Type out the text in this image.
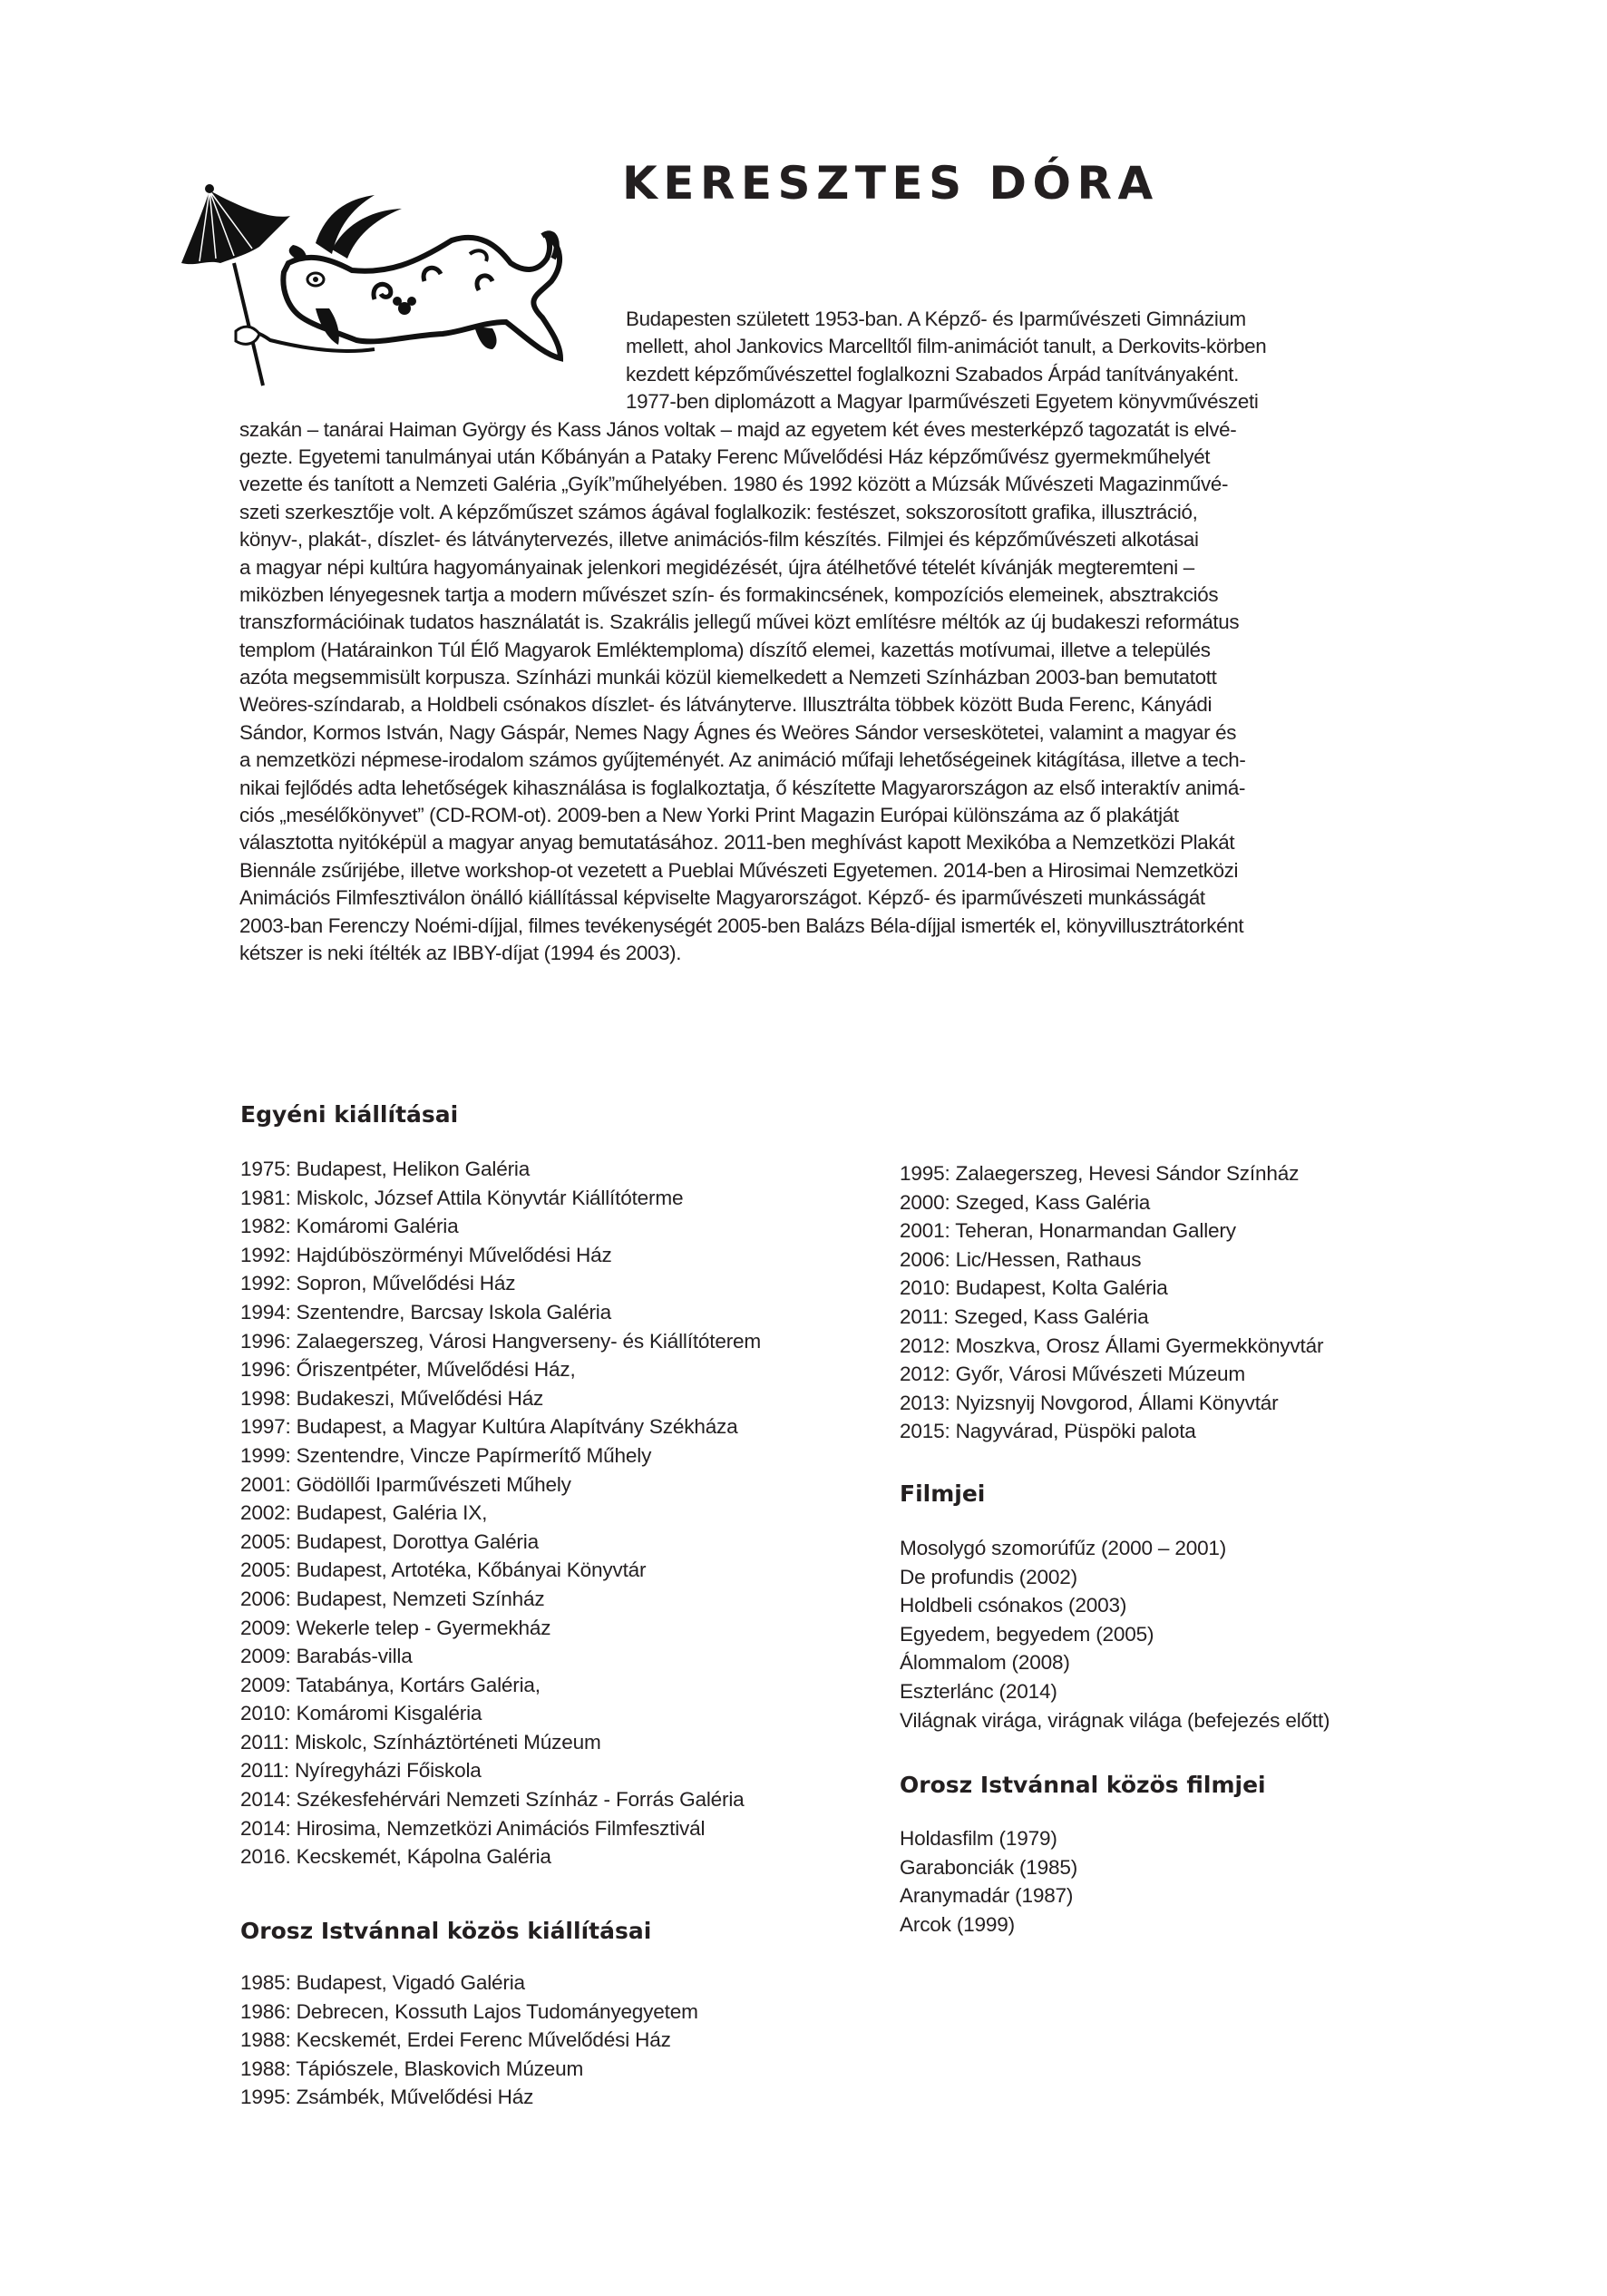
KERESZTES DÓRA
Budapesten született 1953-ban. A Képző- és Iparművészeti Gimnázium
mellett, ahol Jankovics Marcelltől film-animációt tanult, a Derkovits-körben
kezdett képzőművészettel foglalkozni Szabados Árpád tanítványaként.
1977-ben diplomázott a Magyar Iparművészeti Egyetem könyvművészeti
szakán – tanárai Haiman György és Kass János voltak – majd az egyetem két éves mesterképző tagozatát is elvé-
gezte. Egyetemi tanulmányai után Kőbányán a Pataky Ferenc Művelődési Ház képzőművész gyermekműhelyét
vezette és tanított a Nemzeti Galéria „Gyík”műhelyében. 1980 és 1992 között a Múzsák Művészeti Magazinművé-
szeti szerkesztője volt. A képzőműszet számos ágával foglalkozik: festészet, sokszorosított grafika, illusztráció,
könyv-, plakát-, díszlet- és látványtervezés, illetve animációs-film készítés. Filmjei és képzőművészeti alkotásai
a magyar népi kultúra hagyományainak jelenkori megidézését, újra átélhetővé tételét kívánják megteremteni –
miközben lényegesnek tartja a modern művészet szín- és formakincsének, kompozíciós elemeinek, absztrakciós
transzformációinak tudatos használatát is. Szakrális jellegű művei közt említésre méltók az új budakeszi református
templom (Határainkon Túl Élő Magyarok Emléktemploma) díszítő elemei, kazettás motívumai, illetve a település
azóta megsemmisült korpusza. Színházi munkái közül kiemelkedett a Nemzeti Színházban 2003-ban bemutatott
Weöres-színdarab, a Holdbeli csónakos díszlet- és látványterve. Illusztrálta többek között Buda Ferenc, Kányádi
Sándor, Kormos István, Nagy Gáspár, Nemes Nagy Ágnes és Weöres Sándor verseskötetei, valamint a magyar és
a nemzetközi népmese-irodalom számos gyűjteményét. Az animáció műfaji lehetőségeinek kitágítása, illetve a tech-
nikai fejlődés adta lehetőségek kihasználása is foglalkoztatja, ő készítette Magyarországon az első interaktív animá-
ciós „mesélőkönyvet” (CD-ROM-ot). 2009-ben a New Yorki Print Magazin Európai különszáma az ő plakátját
választotta nyitóképül a magyar anyag bemutatásához. 2011-ben meghívást kapott Mexikóba a Nemzetközi Plakát
Biennále zsűrijébe, illetve workshop-ot vezetett a Pueblai Művészeti Egyetemen. 2014-ben a Hirosimai Nemzetközi
Animációs Filmfesztiválon önálló kiállítással képviselte Magyarországot. Képző- és iparművészeti munkásságát
2003-ban Ferenczy Noémi-díjjal, filmes tevékenységét 2005-ben Balázs Béla-díjjal ismerték el, könyvillusztrátorként
kétszer is neki ítélték az IBBY-díjat (1994 és 2003).
Egyéni kiállításai
1975: Budapest, Helikon Galéria
1981: Miskolc, József Attila Könyvtár Kiállítóterme
1982: Komáromi Galéria
1992: Hajdúböszörményi Művelődési Ház
1992: Sopron, Művelődési Ház
1994: Szentendre, Barcsay Iskola Galéria
1996: Zalaegerszeg, Városi Hangverseny- és Kiállítóterem
1996: Őriszentpéter, Művelődési Ház,
1998: Budakeszi, Művelődési Ház
1997: Budapest, a Magyar Kultúra Alapítvány Székháza
1999: Szentendre, Vincze Papírmerítő Műhely
2001: Gödöllői Iparművészeti Műhely
2002: Budapest, Galéria IX,
2005: Budapest, Dorottya Galéria
2005: Budapest, Artotéka, Kőbányai Könyvtár
2006: Budapest, Nemzeti Színház
2009: Wekerle telep - Gyermekház
2009: Barabás-villa
2009: Tatabánya, Kortárs Galéria,
2010: Komáromi Kisgaléria
2011: Miskolc, Színháztörténeti Múzeum
2011: Nyíregyházi Főiskola
2014: Székesfehérvári Nemzeti Színház - Forrás Galéria
2014: Hirosima, Nemzetközi Animációs Filmfesztivál
2016. Kecskemét, Kápolna Galéria
Orosz Istvánnal közös kiállításai
1985: Budapest, Vigadó Galéria
1986: Debrecen, Kossuth Lajos Tudományegyetem
1988: Kecskemét, Erdei Ferenc Művelődési Ház
1988: Tápiószele, Blaskovich Múzeum
1995: Zsámbék, Művelődési Ház
1995: Zalaegerszeg, Hevesi Sándor Színház
2000: Szeged, Kass Galéria
2001: Teheran, Honarmandan Gallery
2006: Lic/Hessen, Rathaus
2010: Budapest, Kolta Galéria
2011: Szeged, Kass Galéria
2012: Moszkva, Orosz Állami Gyermekkönyvtár
2012: Győr, Városi Művészeti Múzeum
2013: Nyizsnyij Novgorod, Állami Könyvtár
2015: Nagyvárad, Püspöki palota
Filmjei
Mosolygó szomorúfűz (2000 – 2001)
De profundis (2002)
Holdbeli csónakos (2003)
Egyedem, begyedem (2005)
Álommalom (2008)
Eszterlánc (2014)
Világnak virága, virágnak világa (befejezés előtt)
Orosz Istvánnal közös filmjei
Holdasfilm (1979)
Garabonciák (1985)
Aranymadár (1987)
Arcok (1999)
